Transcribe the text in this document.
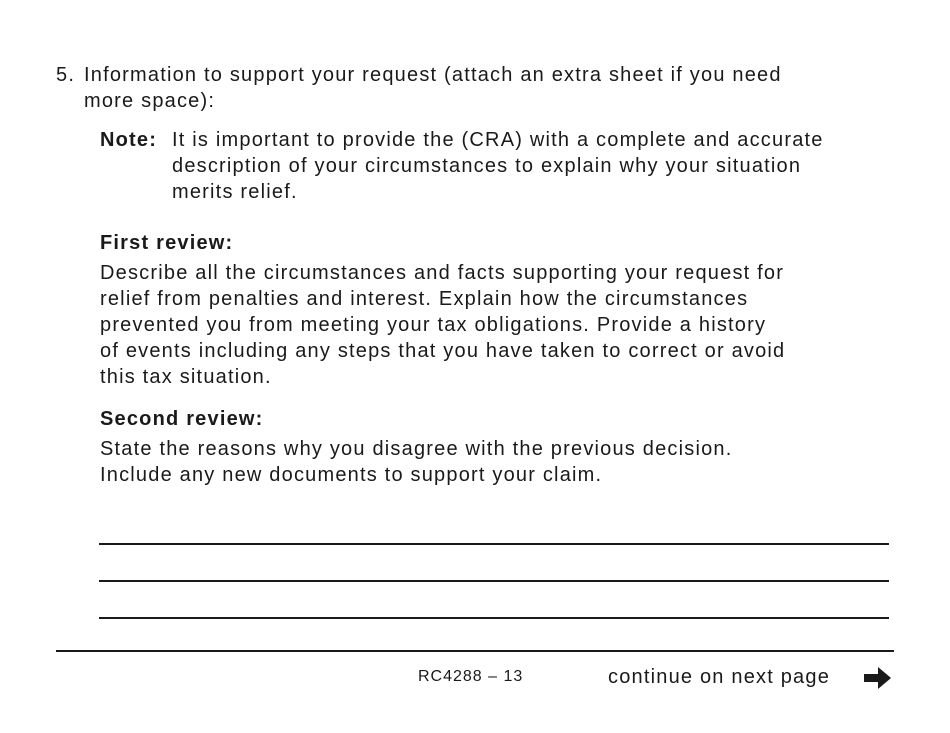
5. Information to support your request (attach an extra sheet if you need
more space):
Note: It is important to provide the (CRA) with a complete and accurate
description of your circumstances to explain why your situation
merits relief.
First review:
Describe all the circumstances and facts supporting your request for
relief from penalties and interest. Explain how the circumstances
prevented you from meeting your tax obligations. Provide a history
of events including any steps that you have taken to correct or avoid
this tax situation.
Second review:
State the reasons why you disagree with the previous decision.
Include any new documents to support your claim.
RC4288 – 13	continue on next page
